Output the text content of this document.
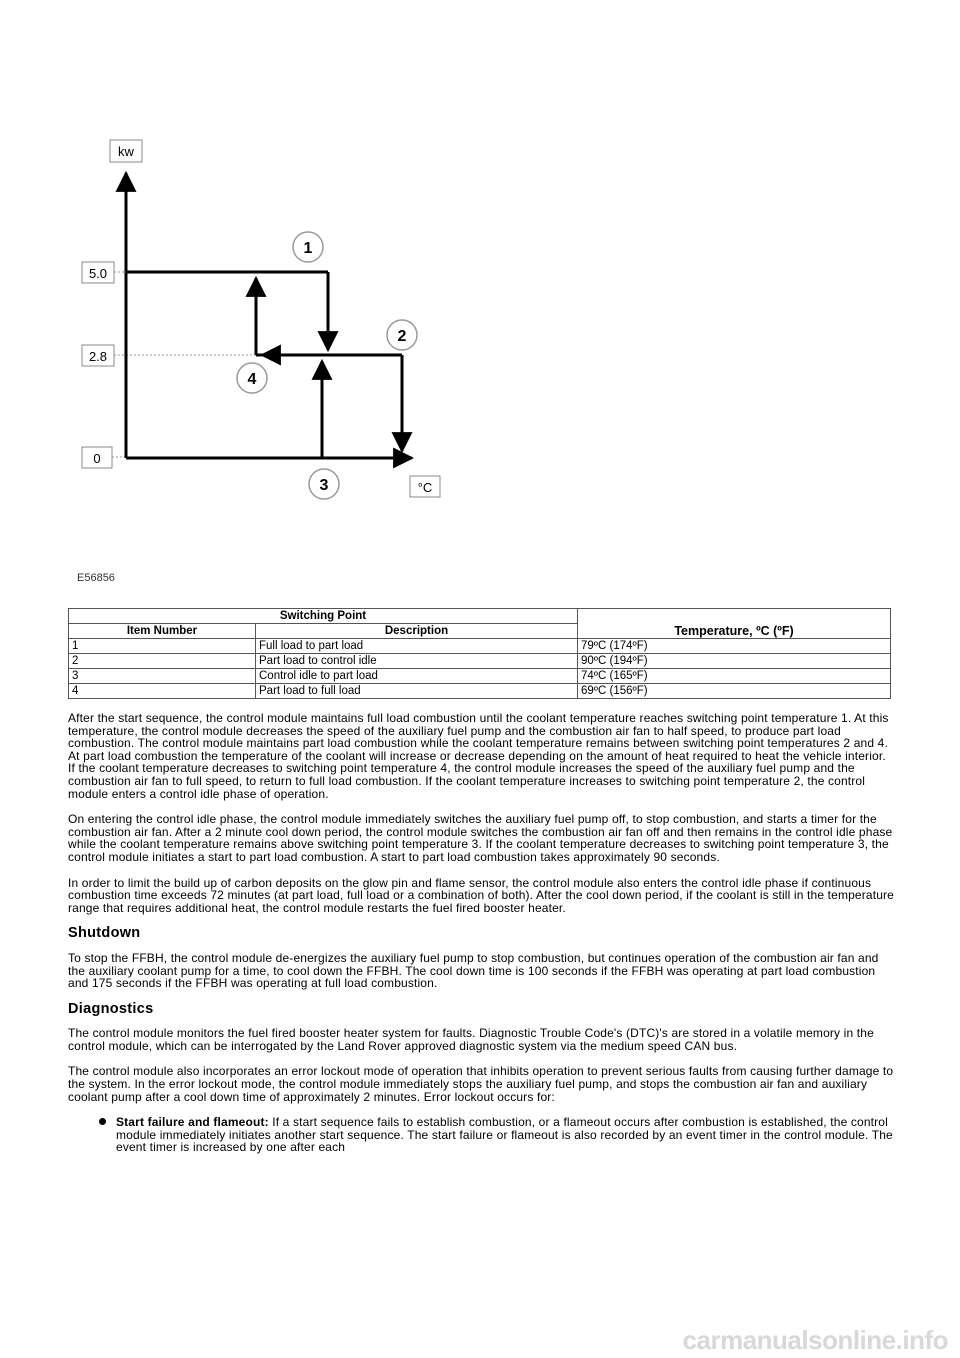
kw
°C
5.0
2.8
0
1
2
3
4
E56856
Switching Point		Temperature, ºC (ºF)
Item Number	Description	
1	Full load to part load	79ºC (174ºF)
2	Part load to control idle	90ºC (194ºF)
3	Control idle to part load	74ºC (165ºF)
4	Part load to full load	69ºC (156ºF)

After the start sequence, the control module maintains full load combustion until the coolant temperature reaches switching point temperature 1. At this temperature, the control module decreases the speed of the auxiliary fuel pump and the combustion air fan to half speed, to produce part load combustion. The control module maintains part load combustion while the coolant temperature remains between switching point temperatures 2 and 4. At part load combustion the temperature of the coolant will increase or decrease depending on the amount of heat required to heat the vehicle interior. If the coolant temperature decreases to switching point temperature 4, the control module increases the speed of the auxiliary fuel pump and the combustion air fan to full speed, to return to full load combustion. If the coolant temperature increases to switching point temperature 2, the control module enters a control idle phase of operation.

On entering the control idle phase, the control module immediately switches the auxiliary fuel pump off, to stop combustion, and starts a timer for the combustion air fan. After a 2 minute cool down period, the control module switches the combustion air fan off and then remains in the control idle phase while the coolant temperature remains above switching point temperature 3. If the coolant temperature decreases to switching point temperature 3, the control module initiates a start to part load combustion. A start to part load combustion takes approximately 90 seconds.

In order to limit the build up of carbon deposits on the glow pin and flame sensor, the control module also enters the control idle phase if continuous combustion time exceeds 72 minutes (at part load, full load or a combination of both). After the cool down period, if the coolant is still in the temperature range that requires additional heat, the control module restarts the fuel fired booster heater.

Shutdown

To stop the FFBH, the control module de-energizes the auxiliary fuel pump to stop combustion, but continues operation of the combustion air fan and the auxiliary coolant pump for a time, to cool down the FFBH. The cool down time is 100 seconds if the FFBH was operating at part load combustion and 175 seconds if the FFBH was operating at full load combustion.

Diagnostics

The control module monitors the fuel fired booster heater system for faults. Diagnostic Trouble Code's (DTC)'s are stored in a volatile memory in the control module, which can be interrogated by the Land Rover approved diagnostic system via the medium speed CAN bus.

The control module also incorporates an error lockout mode of operation that inhibits operation to prevent serious faults from causing further damage to the system. In the error lockout mode, the control module immediately stops the auxiliary fuel pump, and stops the combustion air fan and auxiliary coolant pump after a cool down time of approximately 2 minutes. Error lockout occurs for:

Start failure and flameout: If a start sequence fails to establish combustion, or a flameout occurs after combustion is established, the control module immediately initiates another start sequence. The start failure or flameout is also recorded by an event timer in the control module. The event timer is increased by one after each
carmanualsonline.info
